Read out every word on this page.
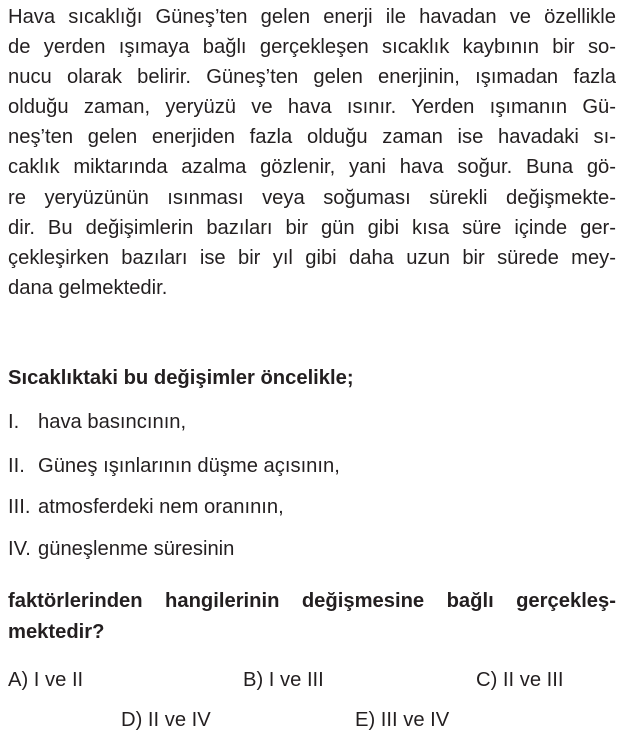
Hava sıcaklığı Güneş’ten gelen enerji ile havadan ve özellikle
de yerden ışımaya bağlı gerçekleşen sıcaklık kaybının bir so-
nucu olarak belirir. Güneş’ten gelen enerjinin, ışımadan fazla
olduğu zaman, yeryüzü ve hava ısınır. Yerden ışımanın Gü-
neş’ten gelen enerjiden fazla olduğu zaman ise havadaki sı-
caklık miktarında azalma gözlenir, yani hava soğur. Buna gö-
re yeryüzünün ısınması veya soğuması sürekli değişmekte-
dir. Bu değişimlerin bazıları bir gün gibi kısa süre içinde ger-
çekleşirken bazıları ise bir yıl gibi daha uzun bir sürede mey-
dana gelmektedir.
Sıcaklıktaki bu değişimler öncelikle;
I. hava basıncının,
II. Güneş ışınlarının düşme açısının,
III. atmosferdeki nem oranının,
IV. güneşlenme süresinin
faktörlerinden hangilerinin değişmesine bağlı gerçekleş-
mektedir?
A) I ve II	B) I ve III	C) II ve III
D) II ve IV	E) III ve IV
